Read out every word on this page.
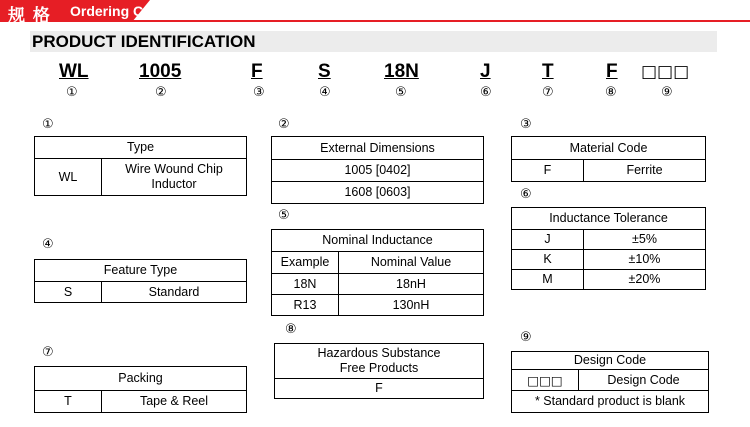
规 格 Ordering Code
PRODUCT IDENTIFICATION
WL
①
1005
②
F
③
S
④
18N
⑤
J
⑥
T
⑦
F
⑧
□□□
⑨
①
Type
WL	Wire Wound Chip Inductor
②
External Dimensions
1005 [0402]
1608 [0603]
③
Material Code
F	Ferrite
⑥
Inductance Tolerance	
J	±5%
K	±10%
M	±20%
④
Feature Type
S	Standard
⑤
Nominal Inductance	
Example	Nominal Value
18N	18nH
R13	130nH
⑦
Packing
T	Tape & Reel
⑧
Hazardous Substance
Free Products
F
⑨
Design Code
□□□	Design Code
* Standard product is blank
